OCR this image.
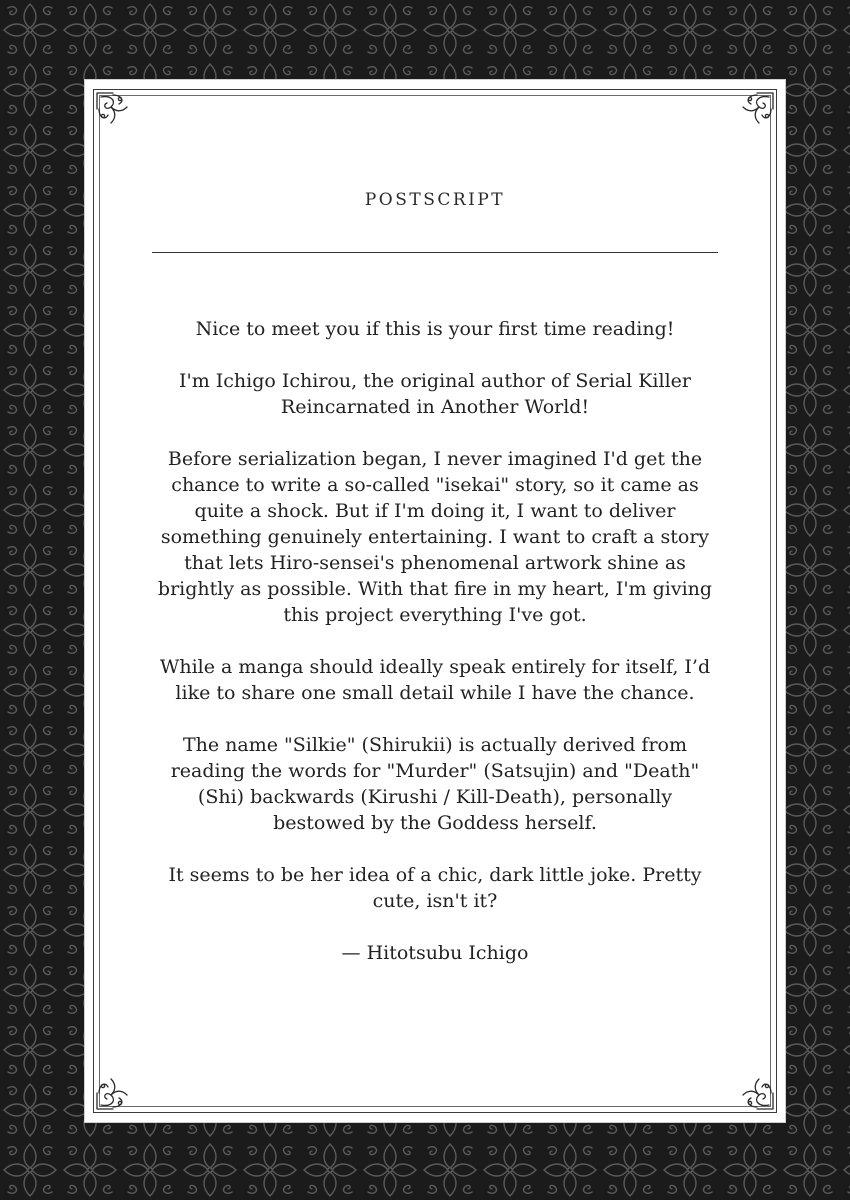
POSTSCRIPT

Nice to meet you if this is your first time reading!

I'm Ichigo Ichirou, the original author of Serial Killer Reincarnated in Another World!

Before serialization began, I never imagined I'd get the chance to write a so-called "isekai" story, so it came as quite a shock. But if I'm doing it, I want to deliver something genuinely entertaining. I want to craft a story that lets Hiro-sensei's phenomenal artwork shine as brightly as possible. With that fire in my heart, I'm giving this project everything I've got.

While a manga should ideally speak entirely for itself, I’d like to share one small detail while I have the chance.

The name "Silkie" (Shirukii) is actually derived from reading the words for "Murder" (Satsujin) and "Death" (Shi) backwards (Kirushi / Kill-Death), personally bestowed by the Goddess herself.

It seems to be her idea of a chic, dark little joke. Pretty cute, isn't it?

— Hitotsubu Ichigo
